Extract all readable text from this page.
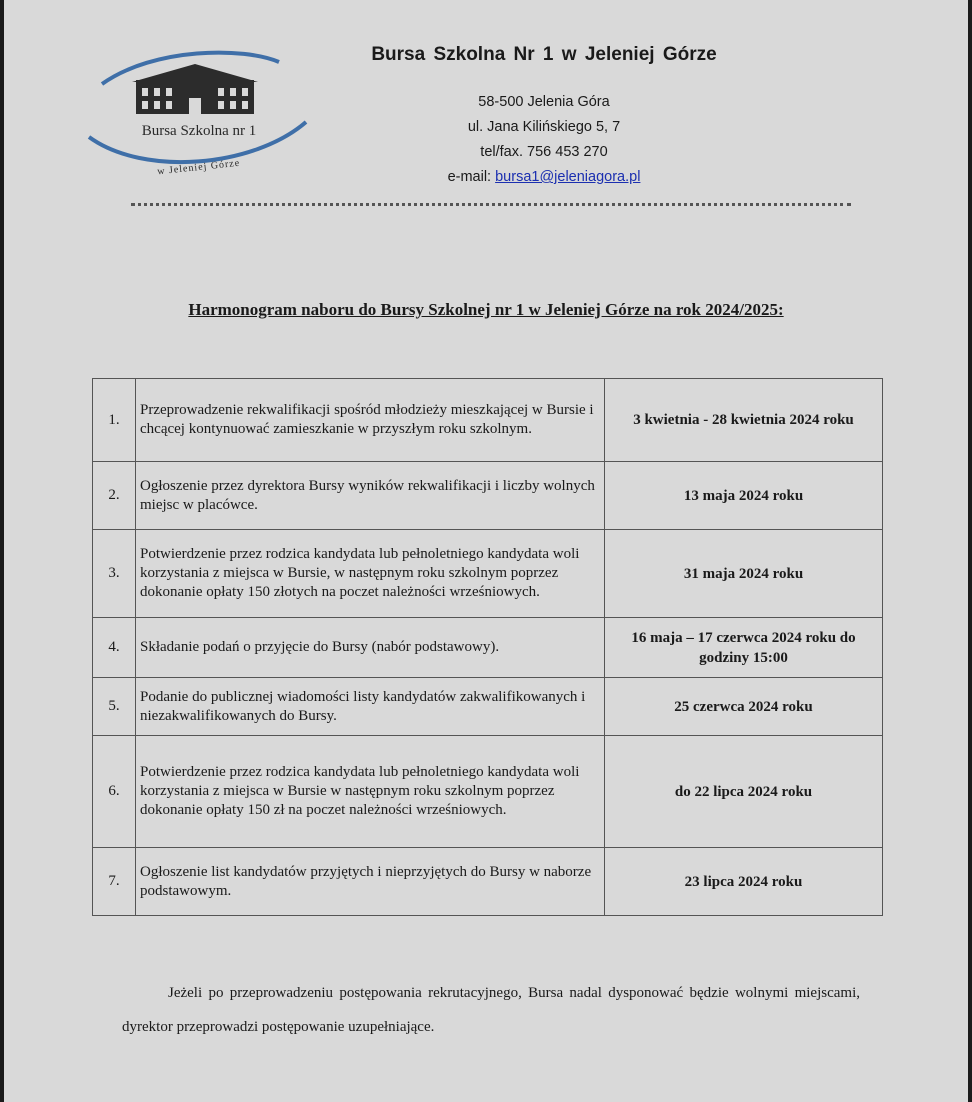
Bursa Szkolna nr 1
w Jeleniej Górze
Bursa Szkolna Nr 1 w Jeleniej Górze
58-500 Jelenia Góra
ul. Jana Kilińskiego 5, 7
tel/fax. 756 453 270
e-mail: bursa1@jeleniagora.pl
Harmonogram naboru do Bursy Szkolnej nr 1 w Jeleniej Górze na rok 2024/2025:
1.	Przeprowadzenie rekwalifikacji spośród młodzieży mieszkającej w Bursie i chcącej kontynuować zamieszkanie w przyszłym roku szkolnym.	3 kwietnia - 28 kwietnia 2024 roku
2.	Ogłoszenie przez dyrektora Bursy wyników rekwalifikacji i liczby wolnych miejsc w placówce.	13 maja 2024 roku
3.	Potwierdzenie przez rodzica kandydata lub pełnoletniego kandydata woli korzystania z miejsca w Bursie, w następnym roku szkolnym poprzez dokonanie opłaty 150 złotych na poczet należności wrześniowych.	31 maja 2024 roku
4.	Składanie podań o przyjęcie do Bursy (nabór podstawowy).	16 maja – 17 czerwca 2024 roku do godziny 15:00
5.	Podanie do publicznej wiadomości listy kandydatów zakwalifikowanych i niezakwalifikowanych do Bursy.	25 czerwca 2024 roku
6.	Potwierdzenie przez rodzica kandydata lub pełnoletniego kandydata woli korzystania z miejsca w Bursie w następnym roku szkolnym poprzez dokonanie opłaty 150 zł na poczet należności wrześniowych.	do 22 lipca 2024 roku
7.	Ogłoszenie list kandydatów przyjętych i nieprzyjętych do Bursy w naborze podstawowym.	23 lipca 2024 roku
Jeżeli po przeprowadzeniu postępowania rekrutacyjnego, Bursa nadal dysponować będzie wolnymi miejscami, dyrektor przeprowadzi postępowanie uzupełniające.
